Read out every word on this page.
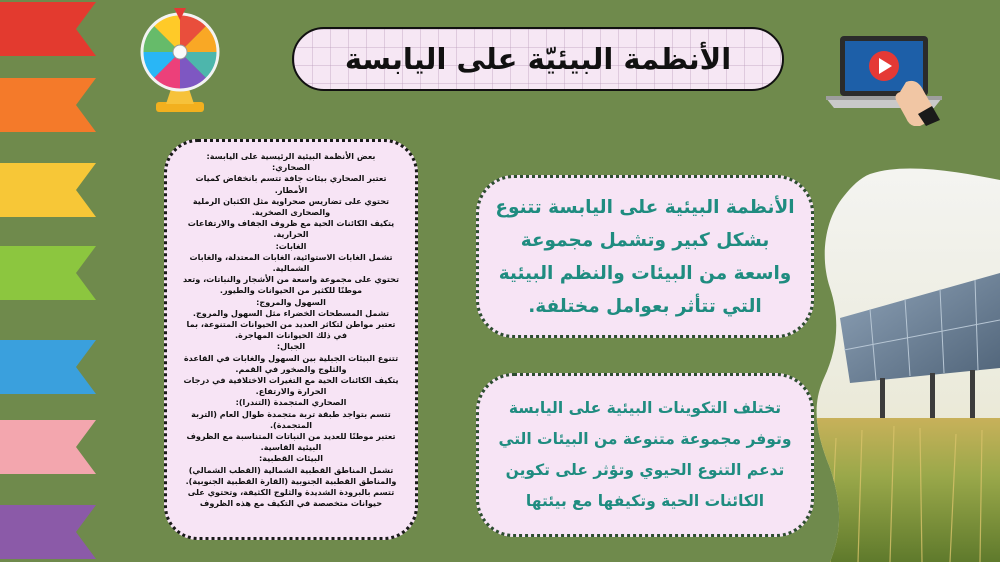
الأنظمة البيئيّة على اليابسة

بعض الأنظمة البيئية الرئيسية على اليابسة:

الصحاري:

تعتبر الصحاري بيئات جافة تتسم بانخفاض كميات الأمطار.

تحتوي على تضاريس صحراوية مثل الكثبان الرملية والصحارى الصخرية.

يتكيف الكائنات الحية مع ظروف الجفاف والارتفاعات الحرارية.

الغابات:

تشمل الغابات الاستوائية، الغابات المعتدلة، والغابات الشمالية.

تحتوي على مجموعة واسعة من الأشجار والنباتات، وتعد موطنًا للكثير من الحيوانات والطيور.

السهول والمروج:

تشمل المسطحات الخضراء مثل السهول والمروج.

تعتبر مواطن لتكاثر العديد من الحيوانات المتنوعة، بما في ذلك الحيوانات المهاجرة.

الجبال:

تتنوع البيئات الجبلية بين السهول والغابات في القاعدة والثلوج والصخور في القمم.

يتكيف الكائنات الحية مع التغيرات الاختلافية في درجات الحرارة والارتفاع.

الصحاري المتجمدة (التندرا):

تتسم بتواجد طبقة تربة متجمدة طوال العام (التربة المتجمدة).

تعتبر موطنًا للعديد من النباتات المتناسبة مع الظروف البيئية القاسية.

البيئات القطبية:

تشمل المناطق القطبية الشمالية (القطب الشمالي) والمناطق القطبية الجنوبية (القارة القطبية الجنوبية).

تتسم بالبرودة الشديدة والثلوج الكثيفة، وتحتوي على حيوانات متخصصة في التكيف مع هذه الظروف

الأنظمة البيئية على اليابسة تتنوع بشكل كبير وتشمل مجموعة واسعة من البيئات والنظم البيئية التي تتأثر بعوامل مختلفة.

تختلف التكوينات البيئية على اليابسة وتوفر مجموعة متنوعة من البيئات التي تدعم التنوع الحيوي وتؤثر على تكوين الكائنات الحية وتكيفها مع بيئتها
